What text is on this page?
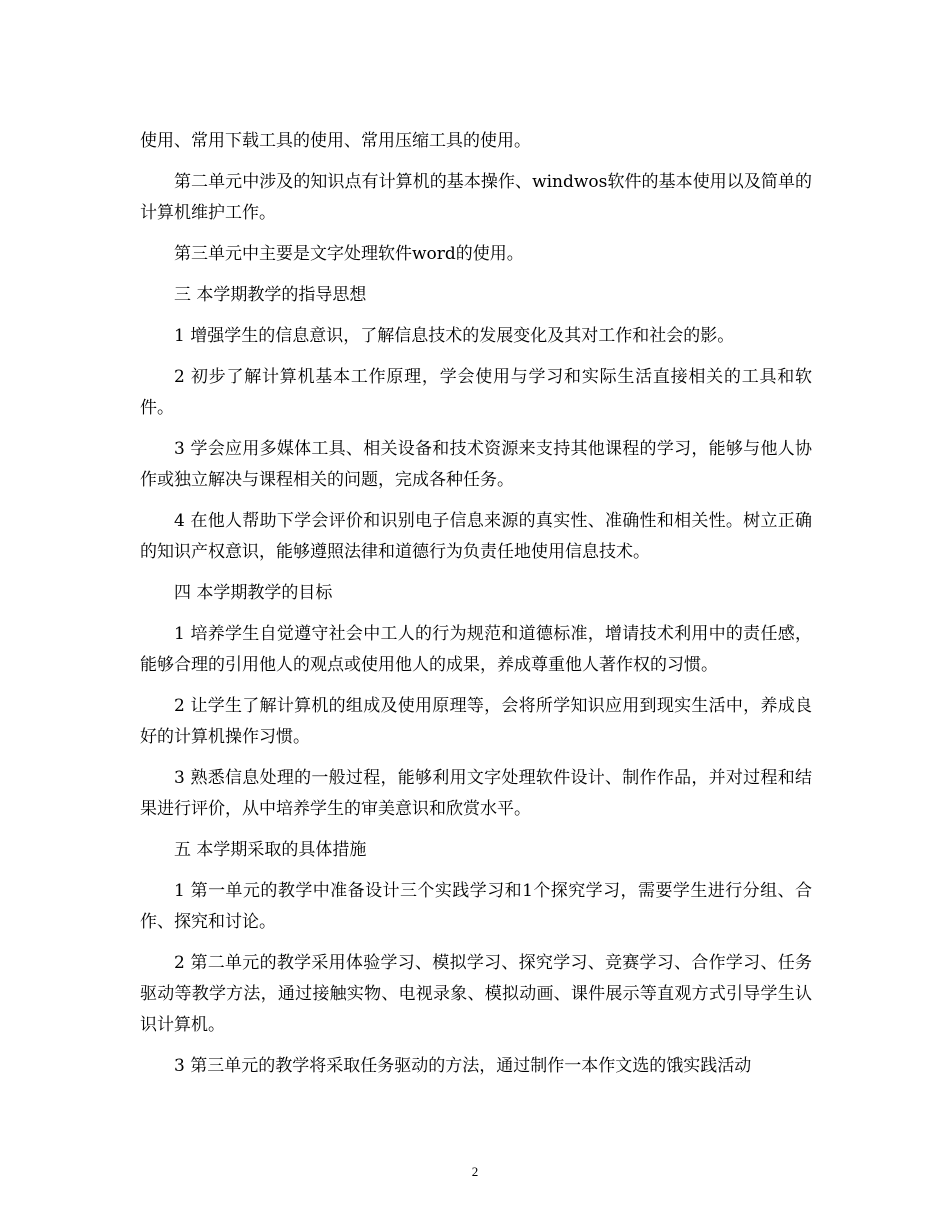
使用、常用下载工具的使用、常用压缩工具的使用。

第二单元中涉及的知识点有计算机的基本操作、windwos软件的基本使用以及简单的计算机维护工作。

第三单元中主要是文字处理软件word的使用。

三 本学期教学的指导思想

1 增强学生的信息意识，了解信息技术的发展变化及其对工作和社会的影。

2 初步了解计算机基本工作原理，学会使用与学习和实际生活直接相关的工具和软件。

3 学会应用多媒体工具、相关设备和技术资源来支持其他课程的学习，能够与他人协作或独立解决与课程相关的问题，完成各种任务。

4 在他人帮助下学会评价和识别电子信息来源的真实性、准确性和相关性。树立正确的知识产权意识，能够遵照法律和道德行为负责任地使用信息技术。

四 本学期教学的目标

1 培养学生自觉遵守社会中工人的行为规范和道德标准，增请技术利用中的责任感，能够合理的引用他人的观点或使用他人的成果，养成尊重他人著作权的习惯。

2 让学生了解计算机的组成及使用原理等，会将所学知识应用到现实生活中，养成良好的计算机操作习惯。

3 熟悉信息处理的一般过程，能够利用文字处理软件设计、制作作品，并对过程和结果进行评价，从中培养学生的审美意识和欣赏水平。

五 本学期采取的具体措施

1 第一单元的教学中准备设计三个实践学习和1个探究学习，需要学生进行分组、合作、探究和讨论。

2 第二单元的教学采用体验学习、模拟学习、探究学习、竞赛学习、合作学习、任务驱动等教学方法，通过接触实物、电视录象、模拟动画、课件展示等直观方式引导学生认识计算机。

3 第三单元的教学将采取任务驱动的方法，通过制作一本作文选的饿实践活动

2
